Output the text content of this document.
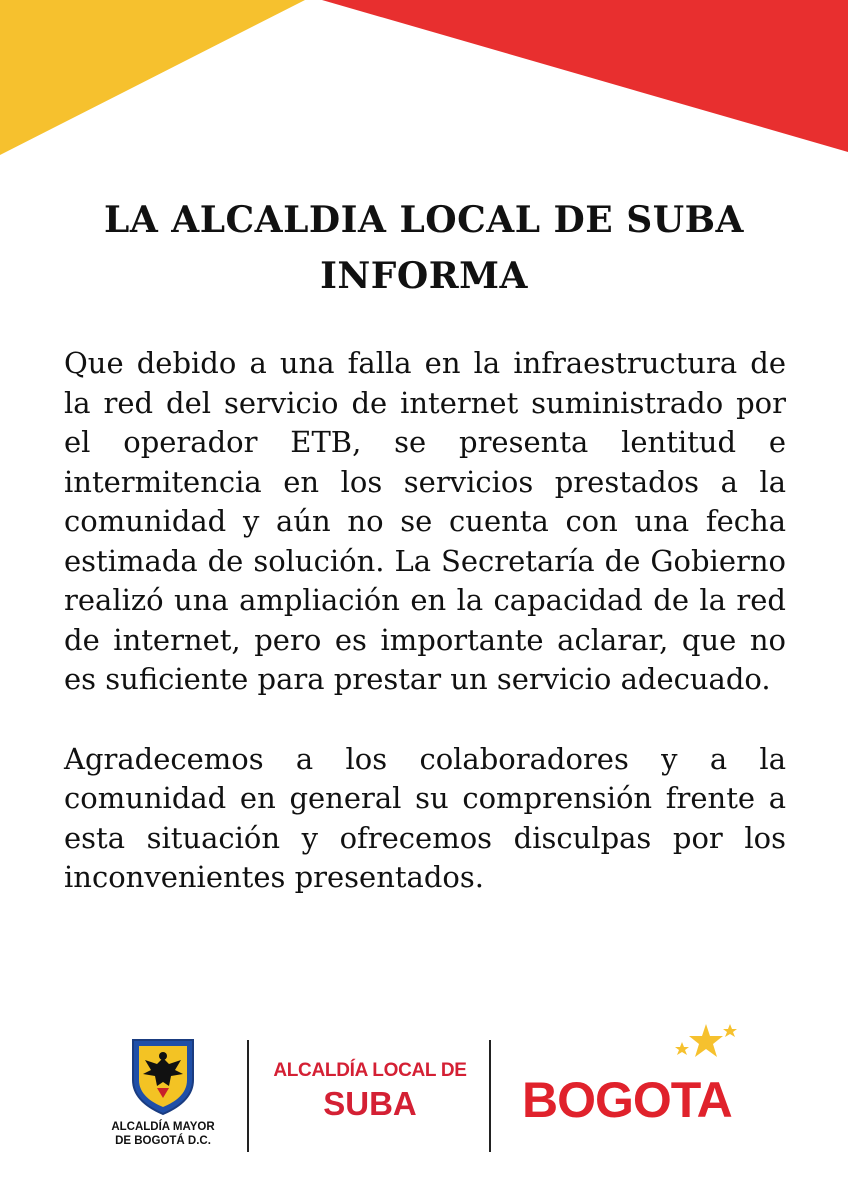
LA ALCALDIA LOCAL DE SUBA
INFORMA

Que debido a una falla en la infraestructura de la red del servicio de internet suministrado por el operador ETB, se presenta lentitud e intermitencia en los servicios prestados a la comunidad y aún no se cuenta con una fecha estimada de solución. La Secretaría de Gobierno realizó una ampliación en la capacidad de la red de internet, pero es importante aclarar, que no es suficiente para prestar un servicio adecuado.

Agradecemos a los colaboradores y a la comunidad en general su comprensión frente a esta situación y ofrecemos disculpas por los inconvenientes presentados.

ALCALDÍA MAYOR
DE BOGOTÁ D.C.
ALCALDÍA LOCAL DE
SUBA	BOGOTA
